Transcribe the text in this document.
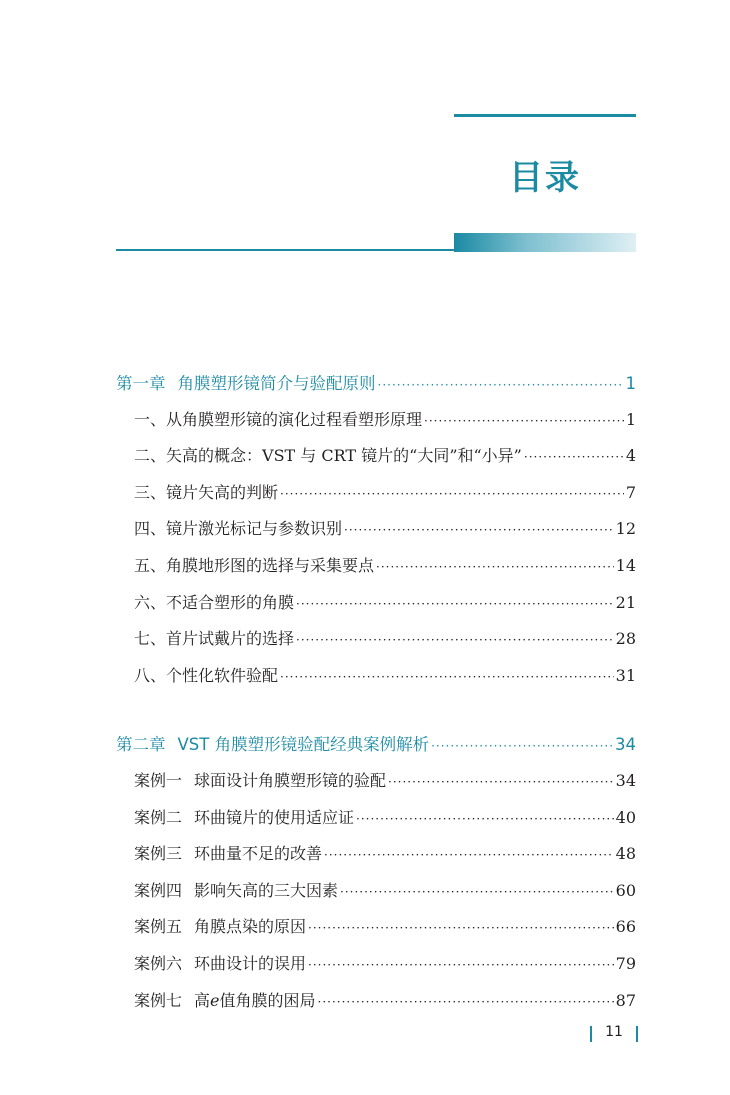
目录
第一章 角膜塑形镜简介与验配原则 ·····	1
一、从角膜塑形镜的演化过程看塑形原理 ·····	1
二、矢高的概念：VST 与 CRT 镜片的“大同”和“小异” ·····	4
三、镜片矢高的判断 ·····	7
四、镜片激光标记与参数识别 ·····	12
五、角膜地形图的选择与采集要点 ·····	14
六、不适合塑形的角膜 ·····	21
七、首片试戴片的选择 ·····	28
八、个性化软件验配 ·····	31
第二章 VST 角膜塑形镜验配经典案例解析 ·····	34
案例一 球面设计角膜塑形镜的验配 ·····	34
案例二 环曲镜片的使用适应证 ·····	40
案例三 环曲量不足的改善 ·····	48
案例四 影响矢高的三大因素 ·····	60
案例五 角膜点染的原因 ·····	66
案例六 环曲设计的误用 ·····	79
案例七 高e值角膜的困局 ·····	87
11
